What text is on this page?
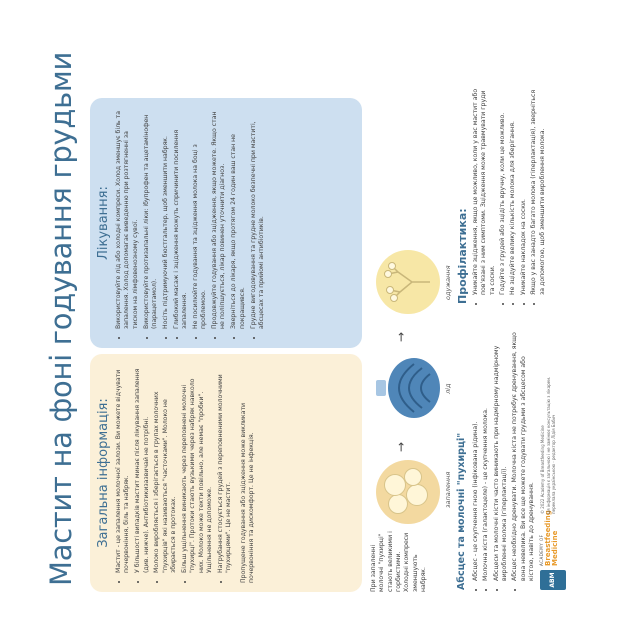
Мастит на фоні годування грудьми Загальна інформація: • Мастит - це запалення молочної залози. Ви можете відчувати почервоніння, біль та набряк. • У більшості випадків мастит минає після лікування запалення (див. нижче). Антибіотикизазвичай не потрібні. • Молоко виробляється і зберігається в групах молочних "пухирців" які називаються "часточками". Молоко не збирається в протоках. • Більш ущільнення виникають через переповнені молочні "пухирці". Протоки стають вузькими через набряк навколо них. Молоко може текти повільно, але немає "пробки". Ущільнення не допоможе. • Нагрубання стосується грудей з переповненими молочними "пухирцями". Це не мастит. Пропущене годування або зцідження може викликати почервоніння та дискомфорт. Це не інфекція.

Лікування: • Використовуйте лід або холодні компреси. Холод зменшує біль та запалення. Холод допомагає виведенню при розтягненні за тиском на лімфовенозному сувої. • Використовуйте протизапальні ліки: ібупрофен та ацетамінофен (парацетамол). • Носіть підтримуючий бюстгальтер, щоб зменшити набряк. • Глибокий масаж і зцідження можуть спричинити посилення запалення. • Не посилюйте годування та зцідження молока на боці з проблемою. • Продовжуйте годування або зцідження, якщо можете. Якщо стан не поліпшується, лікар повинен уточнити діагноз. • Зверніться до лікаря, якщо протягом 24 годин ваш стан не покращився. • Грудне вигодовування та грудне молоко безпечні при маститі, абсцесах та прийомі антибіотиків.
При запаленні молочні "пухирці" стають великими і горбистими. Холодні компреси зменшують набряк.
запалення
→
лід
→
одужання
Абсцес та молочні "пухирці" • Абсцес - це скупчення гною (інфікована рідина). • Молочна кіста (галактоцеле) - це скупчення молока. • Абсцеси та молочні кісти часто виникають при надмірному надмірному виробленні молока (гіперлактації). • Абсцес необхідно дренувати. Молочна кіста не потребує дренування, якщо вона невелика. Ви все ще можете годувати грудьми з абсцесом або кістою, навіть до дренування.
Профілактика: • Уникайте зцідження, якщо це можливо, коли у вас мастит або пов'язані з ним симптоми. Зцідження може травмувати груди та соски. • Годуйте з грудей або зцідіть вручну, коли це можливо. • Не зцідуйте велику кількість молока для зберігання. • Уникайте накладок на соски. • Якщо у вас занадто багато молока (гіперлактація), зверніться за допомогою, щоб зменшити вироблення молока.
ABM
ACADEMY OF Breastfeeding Medicine
© 2022 Academy of Breastfeeding Medicine Ця інформація є загальною і не замінює консультацію з лікарем. переклала українською · редактор Лідія Бабич
